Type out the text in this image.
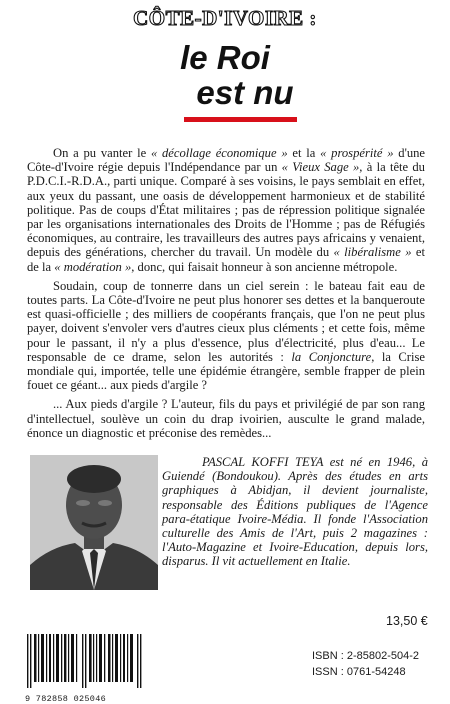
CÔTE-D'IVOIRE :
le Roi

est nu

On a pu vanter le « décollage économique » et la « prospérité » d'une Côte-d'Ivoire régie depuis l'Indépendance par un « Vieux Sage », à la tête du P.D.C.I.-R.D.A., parti unique. Comparé à ses voisins, le pays semblait en effet, aux yeux du passant, une oasis de développement harmonieux et de stabilité politique. Pas de coups d'État militaires ; pas de répression politique signalée par les organisations internationales des Droits de l'Homme ; pas de Réfugiés économiques, au contraire, les travailleurs des autres pays africains y venaient, depuis des générations, chercher du travail. Un modèle du « libéralisme » et de la « modération », donc, qui faisait honneur à son ancienne métropole.

Soudain, coup de tonnerre dans un ciel serein : le bateau fait eau de toutes parts. La Côte-d'Ivoire ne peut plus honorer ses dettes et la banqueroute est quasi-officielle ; des milliers de coopérants français, que l'on ne peut plus payer, doivent s'envoler vers d'autres cieux plus cléments ; et cette fois, même pour le passant, il n'y a plus d'essence, plus d'électricité, plus d'eau... Le responsable de ce drame, selon les autorités : la Conjoncture, la Crise mondiale qui, importée, telle une épidémie étrangère, semble frapper de plein fouet ce géant... aux pieds d'argile ?

... Aux pieds d'argile ? L'auteur, fils du pays et privilégié de par son rang d'intellectuel, soulève un coin du drap ivoirien, ausculte le grand malade, énonce un diagnostic et préconise des remèdes...

PASCAL KOFFI TEYA est né en 1946, à Guiendé (Bondoukou). Après des études en arts graphiques à Abidjan, il devient journaliste, responsable des Éditions publiques de l'Agence para-étatique Ivoire-Média. Il fonde l'Association culturelle des Amis de l'Art, puis 2 magazines : l'Auto-Magazine et Ivoire-Education, depuis lors, disparus. Il vit actuellement en Italie.

13,50 €
9 782858 025046
ISBN : 2-85802-504-2
ISSN : 0761-54248
